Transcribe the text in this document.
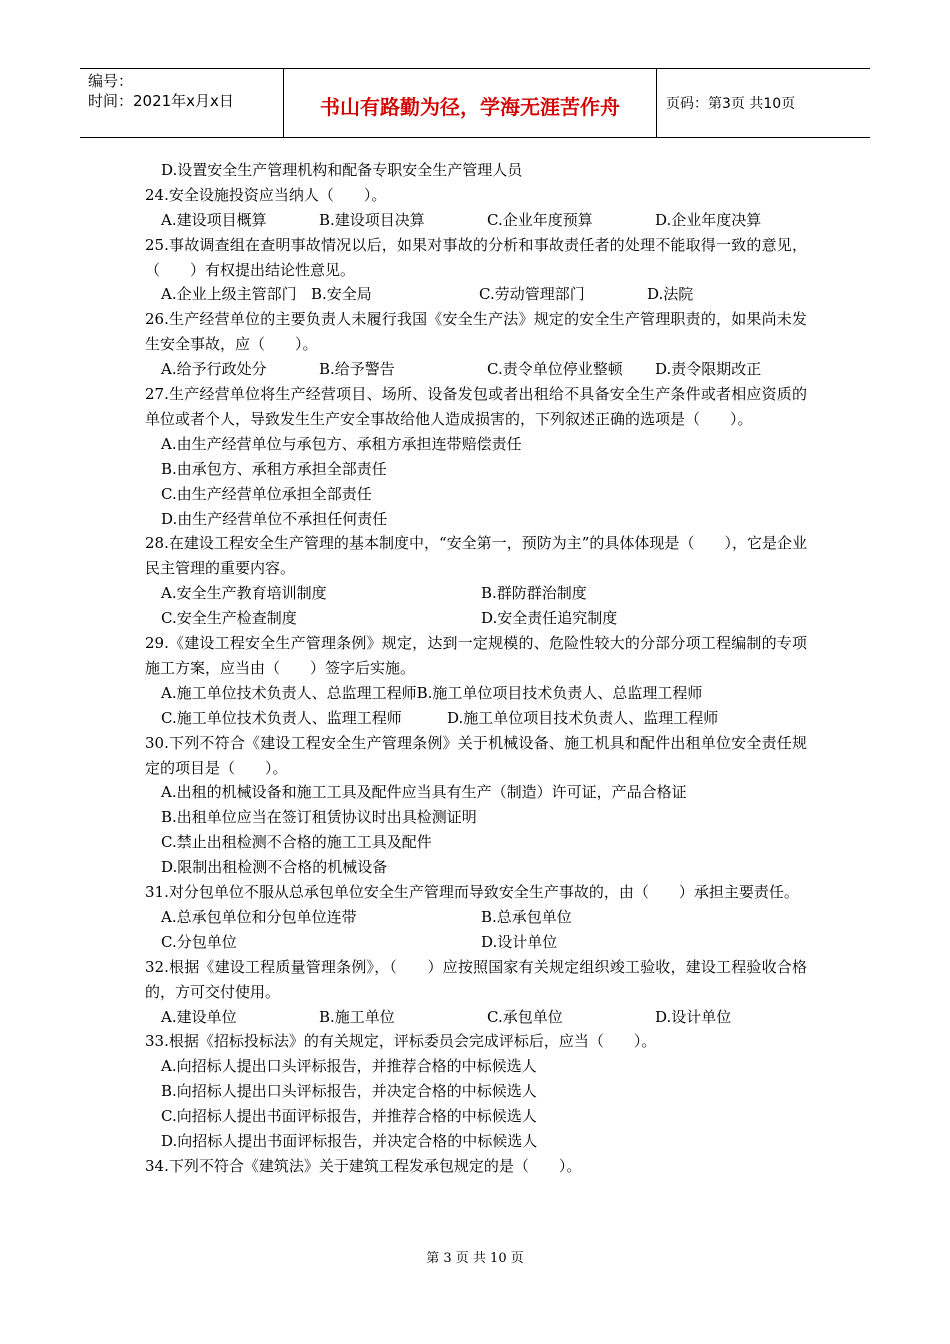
编号：
时间：2021年x月x日	书山有路勤为径，学海无涯苦作舟	页码：第3页 共10页
D.设置安全生产管理机构和配备专职安全生产管理人员
24.安全设施投资应当纳人（　　）。
A.建设项目概算	B.建设项目决算	C.企业年度预算	D.企业年度决算
25.事故调查组在查明事故情况以后，如果对事故的分析和事故责任者的处理不能取得一致的意见，（　　）有权提出结论性意见。
A.企业上级主管部门 B.安全局	C.劳动管理部门	D.法院
26.生产经营单位的主要负责人未履行我国《安全生产法》规定的安全生产管理职责的，如果尚未发生安全事故，应（　　）。
A.给予行政处分	B.给予警告	C.责令单位停业整顿	D.责令限期改正
27.生产经营单位将生产经营项目、场所、设备发包或者出租给不具备安全生产条件或者相应资质的单位或者个人，导致发生生产安全事故给他人造成损害的，下列叙述正确的选项是（　　）。
A.由生产经营单位与承包方、承租方承担连带赔偿责任
B.由承包方、承租方承担全部责任
C.由生产经营单位承担全部责任
D.由生产经营单位不承担任何责任
28.在建设工程安全生产管理的基本制度中，“安全第一，预防为主”的具体体现是（　　），它是企业民主管理的重要内容。
A.安全生产教育培训制度	B.群防群治制度
C.安全生产检查制度	D.安全责任追究制度
29.《建设工程安全生产管理条例》规定，达到一定规模的、危险性较大的分部分项工程编制的专项施工方案，应当由（　　）签字后实施。
A.施工单位技术负责人、总监理工程师B.施工单位项目技术负责人、总监理工程师
C.施工单位技术负责人、监理工程师	D.施工单位项目技术负责人、监理工程师
30.下列不符合《建设工程安全生产管理条例》关于机械设备、施工机具和配件出租单位安全责任规定的项目是（　　）。
A.出租的机械设备和施工工具及配件应当具有生产（制造）许可证，产品合格证
B.出租单位应当在签订租赁协议时出具检测证明
C.禁止出租检测不合格的施工工具及配件
D.限制出租检测不合格的机械设备
31.对分包单位不服从总承包单位安全生产管理而导致安全生产事故的，由（　　）承担主要责任。
A.总承包单位和分包单位连带	B.总承包单位
C.分包单位	D.设计单位
32.根据《建设工程质量管理条例》，（　　）应按照国家有关规定组织竣工验收，建设工程验收合格的，方可交付使用。
A.建设单位	B.施工单位	C.承包单位	D.设计单位
33.根据《招标投标法》的有关规定，评标委员会完成评标后，应当（　　）。
A.向招标人提出口头评标报告，并推荐合格的中标候选人
B.向招标人提出口头评标报告，并决定合格的中标候选人
C.向招标人提出书面评标报告，并推荐合格的中标候选人
D.向招标人提出书面评标报告，并决定合格的中标候选人
34.下列不符合《建筑法》关于建筑工程发承包规定的是（　　）。
第 3 页 共 10 页
